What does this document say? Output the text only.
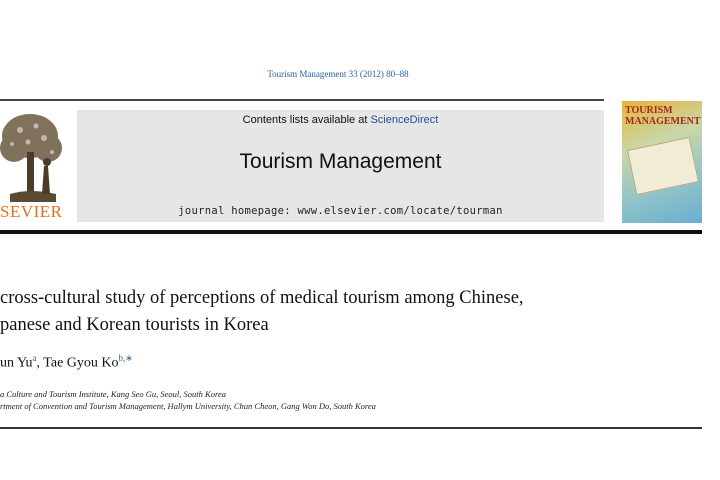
Tourism Management 33 (2012) 80–88
SEVIER
Contents lists available at ScienceDirect
Tourism Management
journal homepage: www.elsevier.com/locate/tourman
TOURISM MANAGEMENT
cross-cultural study of perceptions of medical tourism among Chinese,
panese and Korean tourists in Korea
un Yu$^a$, Tae Gyou $Ko^{b,∗}$
a Culture and Tourism Institute, Kang Seo Gu, Seoul, South Korea
rtment of Convention and Tourism Management, Hallym University, Chun Cheon, Gang Won Do, South Korea
